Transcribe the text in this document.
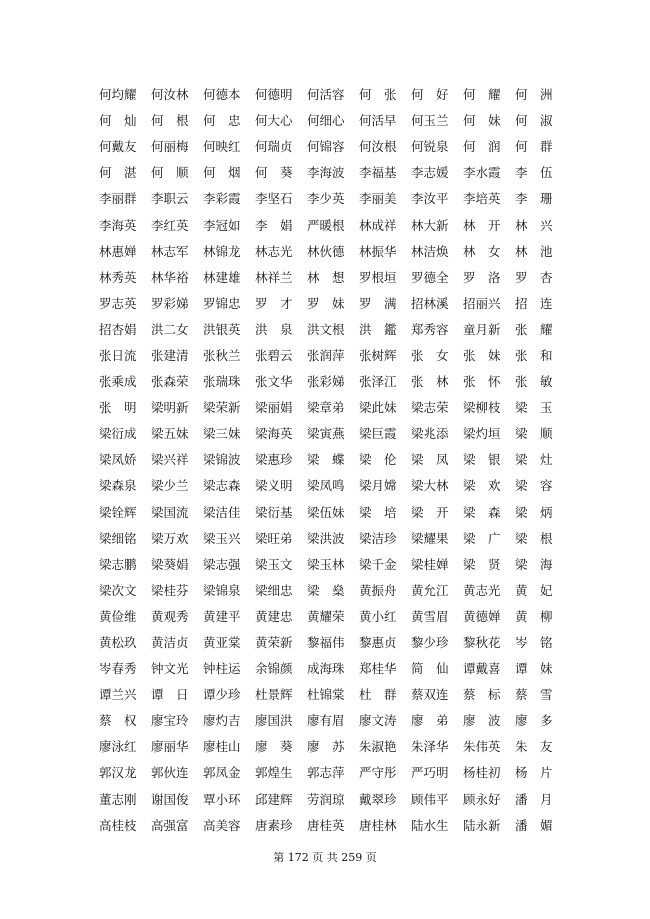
何均耀	何汝林	何德本	何德明	何活容	何　张	何　好	何　耀	何　洲
何　灿	何　根	何　忠	何大心	何细心	何活早	何玉兰	何　妹	何　淑
何戴友	何丽梅	何映红	何瑞贞	何锦容	何汝根	何锐泉	何　润	何　群
何　湛	何　顺	何　烟	何　葵	李海波	李福基	李志媛	李水霞	李　伍
李丽群	李职云	李彩霞	李坚石	李少英	李丽美	李汝平	李培英	李　珊
李海英	李红英	李冠如	李　娟	严暖根	林成祥	林大新	林　开	林　兴
林惠婵	林志军	林锦龙	林志光	林伙德	林振华	林洁焕	林　女	林　池
林秀英	林华裕	林建雄	林祥兰	林　想	罗根垣	罗德全	罗　洛	罗　杏
罗志英	罗彩娣	罗锦忠	罗　才	罗　妹	罗　满	招林溪	招丽兴	招　连
招杏娟	洪二女	洪银英	洪　泉	洪文根	洪　鑑	郑秀容	童月新	张　耀
张日流	张建清	张秋兰	张碧云	张润萍	张树辉	张　女	张　妹	张　和
张乘成	张森荣	张瑞珠	张文华	张彩娣	张泽江	张　林	张　怀	张　敏
张　明	梁明新	梁荣新	梁丽娟	梁章弟	梁此妹	梁志荣	梁柳枝	梁　玉
梁衍成	梁五妹	梁三妹	梁海英	梁寅燕	梁巨霞	梁兆添	梁灼垣	梁　顺
梁凤娇	梁兴祥	梁锦波	梁惠珍	梁　蝶	梁　伦	梁　凤	梁　银	梁　灶
梁森泉	梁少兰	梁志森	梁义明	梁凤鸣	梁月嫦	梁大林	梁　欢	梁　容
梁铨辉	梁国流	梁洁佳	梁衍基	梁伍妹	梁　培	梁　开	梁　森	梁　炳
梁细铭	梁万欢	梁玉兴	梁旺弟	梁洪波	梁洁珍	梁耀果	梁　广	梁　根
梁志鹏	梁葵娟	梁志强	梁玉文	梁玉林	梁千金	梁桂婵	梁　贤	梁　海
梁次文	梁桂芬	梁锦泉	梁细忠	梁　燊	黄振舟	黄允江	黄志光	黄　妃
黄俭维	黄观秀	黄建平	黄建忠	黄耀荣	黄小红	黄雪眉	黄德婵	黄　柳
黄松玖	黄洁贞	黄亚棠	黄荣新	黎福伟	黎惠贞	黎少珍	黎秋花	岑　铭
岑春秀	钟文光	钟柱运	余锦颜	成海珠	郑桂华	简　仙	谭戴喜	谭　妹
谭兰兴	谭　日	谭少珍	杜景辉	杜锦棠	杜　群	蔡双连	蔡　标	蔡　雪
蔡　权	廖宝玲	廖灼吉	廖国洪	廖有眉	廖文涛	廖　弟	廖　波	廖　多
廖泳红	廖丽华	廖桂山	廖　葵	廖　苏	朱淑艳	朱泽华	朱伟英	朱　友
郭汉龙	郭伙连	郭凤金	郭煌生	郭志萍	严守彤	严巧明	杨桂初	杨　片
董志刚	谢国俊	覃小环	邱建辉	劳润琼	戴翠珍	顾伟平	顾永好	潘　月
高桂枝	高强富	高美容	唐素珍	唐桂英	唐桂林	陆水生	陆永新	潘　媚
第 172 页 共 259 页
